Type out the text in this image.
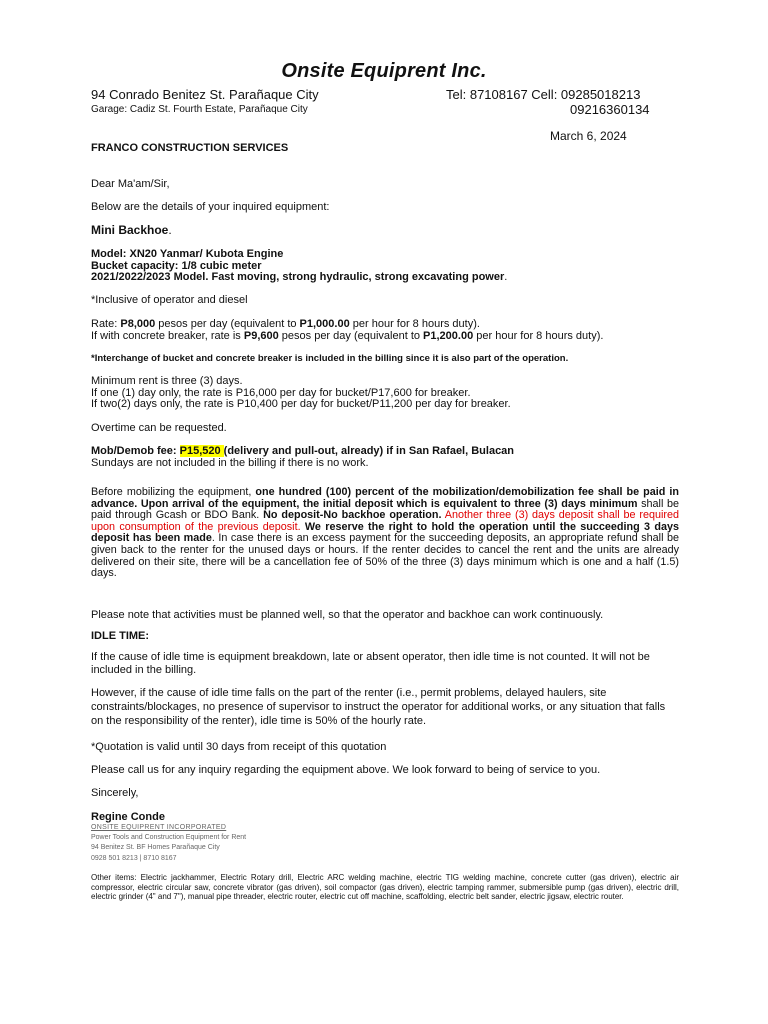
Onsite Equiprent Inc.
94 Conrado Benitez St. Parañaque City
Garage: Cadiz St. Fourth Estate, Parañaque City
Tel: 87108167 Cell: 09285018213
09216360134
March 6, 2024
FRANCO CONSTRUCTION SERVICES
Dear Ma'am/Sir,
Below are the details of your inquired equipment:
Mini Backhoe.
Model: XN20 Yanmar/ Kubota Engine
Bucket capacity: 1/8 cubic meter
2021/2022/2023 Model. Fast moving, strong hydraulic, strong excavating power.
*Inclusive of operator and diesel
Rate: P8,000 pesos per day (equivalent to P1,000.00 per hour for 8 hours duty).
If with concrete breaker, rate is P9,600 pesos per day (equivalent to P1,200.00 per hour for 8 hours duty).
*Interchange of bucket and concrete breaker is included in the billing since it is also part of the operation.
Minimum rent is three (3) days.
If one (1) day only, the rate is P16,000 per day for bucket/P17,600 for breaker.
If two(2) days only, the rate is P10,400 per day for bucket/P11,200 per day for breaker.
Overtime can be requested.
Mob/Demob fee: P15,520 (delivery and pull-out, already) if in San Rafael, Bulacan
Sundays are not included in the billing if there is no work.
Before mobilizing the equipment, one hundred (100) percent of the mobilization/demobilization fee shall be paid in advance. Upon arrival of the equipment, the initial deposit which is equivalent to three (3) days minimum shall be paid through Gcash or BDO Bank. No deposit-No backhoe operation. Another three (3) days deposit shall be required upon consumption of the previous deposit. We reserve the right to hold the operation until the succeeding 3 days deposit has been made. In case there is an excess payment for the succeeding deposits, an appropriate refund shall be given back to the renter for the unused days or hours. If the renter decides to cancel the rent and the units are already delivered on their site, there will be a cancellation fee of 50% of the three (3) days minimum which is one and a half (1.5) days.
Please note that activities must be planned well, so that the operator and backhoe can work continuously.
IDLE TIME:
If the cause of idle time is equipment breakdown, late or absent operator, then idle time is not counted. It will not be included in the billing.
However, if the cause of idle time falls on the part of the renter (i.e., permit problems, delayed haulers, site constraints/blockages, no presence of supervisor to instruct the operator for additional works, or any situation that falls on the responsibility of the renter), idle time is 50% of the hourly rate.
*Quotation is valid until 30 days from receipt of this quotation
Please call us for any inquiry regarding the equipment above. We look forward to being of service to you.
Sincerely,
Regine Conde
ONSITE EQUIPRENT INCORPORATED
Power Tools and Construction Equipment for Rent
94 Benitez St. BF Homes Parañaque City
0928 501 8213 | 8710 8167
Other items: Electric jackhammer, Electric Rotary drill, Electric ARC welding machine, electric TIG welding machine, concrete cutter (gas driven), electric air compressor, electric circular saw, concrete vibrator (gas driven), soil compactor (gas driven), electric tamping rammer, submersible pump (gas driven), electric drill, electric grinder (4" and 7"), manual pipe threader, electric router, electric cut off machine, scaffolding, electric belt sander, electric jigsaw, electric router.
